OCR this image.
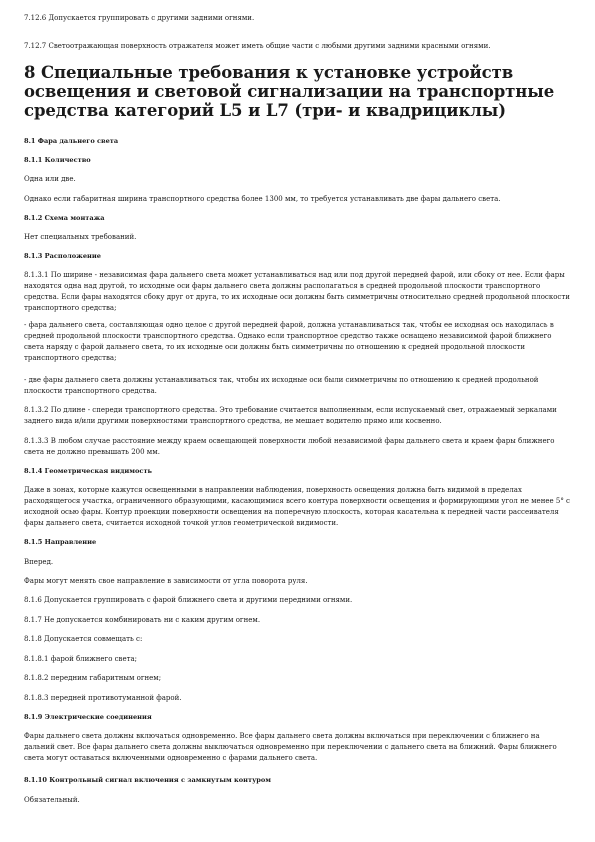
7.12.6 Допускается группировать с другими задними огнями.
7.12.7 Светоотражающая поверхность отражателя может иметь общие части с любыми другими задними красными огнями.
8 Специальные требования к установке устройств освещения и световой сигнализации на транспортные средства категорий L5 и L7 (три- и квадрициклы)
8.1 Фара дальнего света
8.1.1 Количество
Одна или две.
Однако если габаритная ширина транспортного средства более 1300 мм, то требуется устанавливать две фары дальнего света.
8.1.2 Схема монтажа
Нет специальных требований.
8.1.3 Расположение
8.1.3.1 По ширине - независимая фара дальнего света может устанавливаться над или под другой передней фарой, или сбоку от нее. Если фары находятся одна над другой, то исходные оси фары дальнего света должны располагаться в средней продольной плоскости транспортного средства. Если фары находятся сбоку друг от друга, то их исходные оси должны быть симметричны относительно средней продольной плоскости транспортного средства;
- фара дальнего света, составляющая одно целое с другой передней фарой, должна устанавливаться так, чтобы ее исходная ось находилась в средней продольной плоскости транспортного средства. Однако если транспортное средство также оснащено независимой фарой ближнего света наряду с фарой дальнего света, то их исходные оси должны быть симметричны по отношению к средней продольной плоскости транспортного средства;
- две фары дальнего света должны устанавливаться так, чтобы их исходные оси были симметричны по отношению к средней продольной плоскости транспортного средства.
8.1.3.2 По длине - спереди транспортного средства. Это требование считается выполненным, если испускаемый свет, отражаемый зеркалами заднего вида и/или другими поверхностями транспортного средства, не мешает водителю прямо или косвенно.
8.1.3.3 В любом случае расстояние между краем освещающей поверхности любой независимой фары дальнего света и краем фары ближнего света не должно превышать 200 мм.
8.1.4 Геометрическая видимость
Даже в зонах, которые кажутся освещенными в направлении наблюдения, поверхность освещения должна быть видимой в пределах расходящегося участка, ограниченного образующими, касающимися всего контура поверхности освещения и формирующими угол не менее 5° с исходной осью фары. Контур проекции поверхности освещения на поперечную плоскость, которая касательна к передней части рассеивателя фары дальнего света, считается исходной точкой углов геометрической видимости.
8.1.5 Направление
Вперед.
Фары могут менять свое направление в зависимости от угла поворота руля.
8.1.6 Допускается группировать с фарой ближнего света и другими передними огнями.
8.1.7 Не допускается комбинировать ни с каким другим огнем.
8.1.8 Допускается совмещать с:
8.1.8.1 фарой ближнего света;
8.1.8.2 передним габаритным огнем;
8.1.8.3 передней противотуманной фарой.
8.1.9 Электрические соединения
Фары дальнего света должны включаться одновременно. Все фары дальнего света должны включаться при переключении с ближнего на дальний свет. Все фары дальнего света должны выключаться одновременно при переключении с дальнего света на ближний. Фары ближнего света могут оставаться включенными одновременно с фарами дальнего света.
8.1.10 Контрольный сигнал включения с замкнутым контуром
Обязательный.
